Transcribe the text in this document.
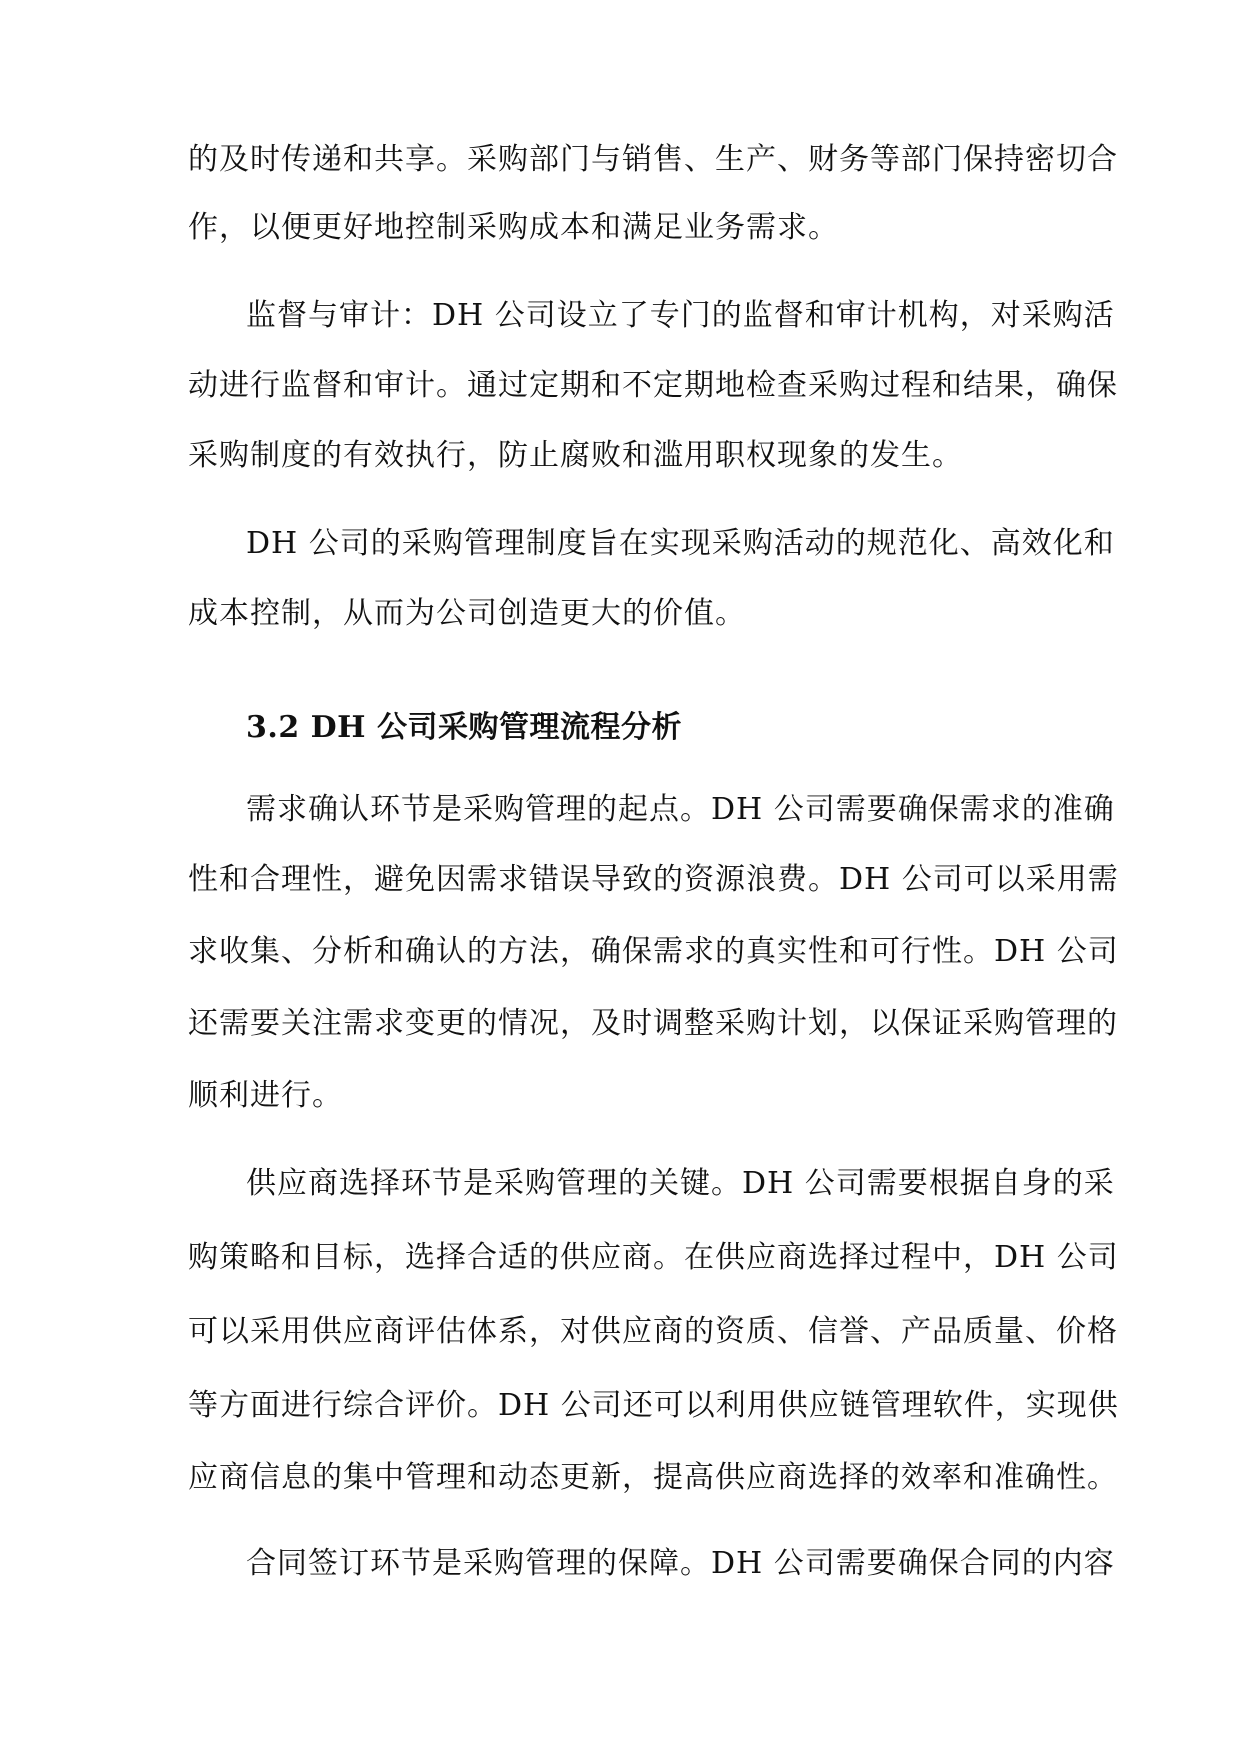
的及时传递和共享。采购部门与销售、生产、财务等部门保持密切合
作，以便更好地控制采购成本和满足业务需求。
监督与审计：DH 公司设立了专门的监督和审计机构，对采购活
动进行监督和审计。通过定期和不定期地检查采购过程和结果，确保
采购制度的有效执行，防止腐败和滥用职权现象的发生。
DH 公司的采购管理制度旨在实现采购活动的规范化、高效化和
成本控制，从而为公司创造更大的价值。
3.2 DH 公司采购管理流程分析
需求确认环节是采购管理的起点。DH 公司需要确保需求的准确
性和合理性，避免因需求错误导致的资源浪费。DH 公司可以采用需
求收集、分析和确认的方法，确保需求的真实性和可行性。DH 公司
还需要关注需求变更的情况，及时调整采购计划，以保证采购管理的
顺利进行。
供应商选择环节是采购管理的关键。DH 公司需要根据自身的采
购策略和目标，选择合适的供应商。在供应商选择过程中，DH 公司
可以采用供应商评估体系，对供应商的资质、信誉、产品质量、价格
等方面进行综合评价。DH 公司还可以利用供应链管理软件，实现供
应商信息的集中管理和动态更新，提高供应商选择的效率和准确性。
合同签订环节是采购管理的保障。DH 公司需要确保合同的内容
